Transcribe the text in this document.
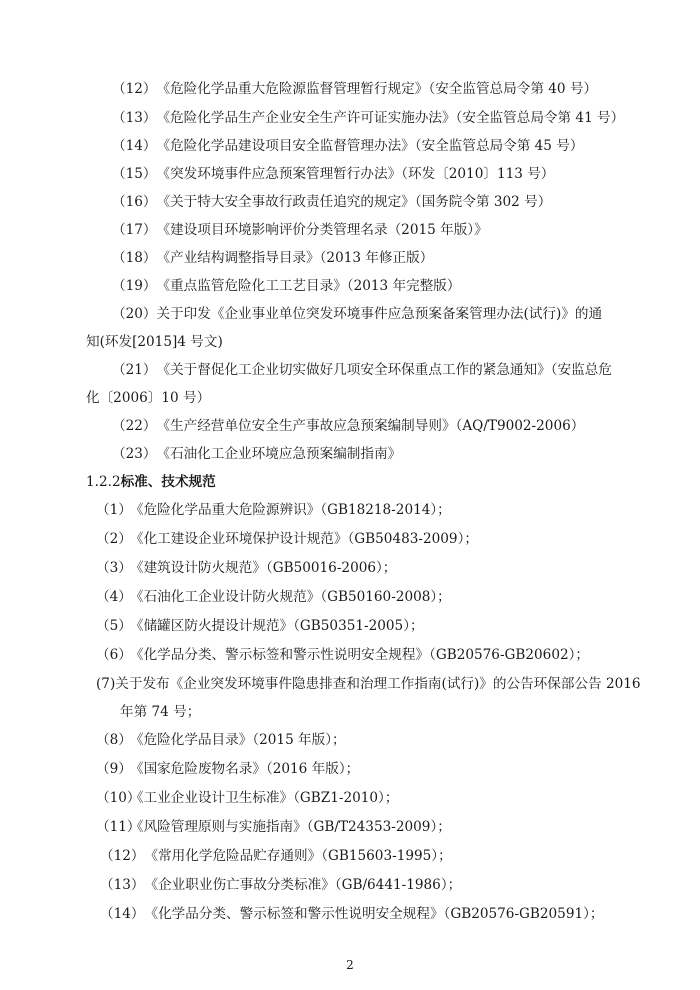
（12）《危险化学品重大危险源监督管理暂行规定》（安全监管总局令第 40 号）
（13）《危险化学品生产企业安全生产许可证实施办法》（安全监管总局令第 41 号）
（14）《危险化学品建设项目安全监督管理办法》（安全监管总局令第 45 号）
（15）《突发环境事件应急预案管理暂行办法》（环发〔2010〕113 号）
（16）《关于特大安全事故行政责任追究的规定》（国务院令第 302 号）
（17）《建设项目环境影响评价分类管理名录（2015 年版）》
（18）《产业结构调整指导目录》（2013 年修正版）
（19）《重点监管危险化工工艺目录》（2013 年完整版）
（20）关于印发《企业事业单位突发环境事件应急预案备案管理办法(试行)》的通
知(环发[2015]4 号文)
（21）《关于督促化工企业切实做好几项安全环保重点工作的紧急通知》（安监总危
化〔2006〕10 号）
（22）《生产经营单位安全生产事故应急预案编制导则》（AQ/T9002-2006）
（23）《石油化工企业环境应急预案编制指南》
1.2.2标准、技术规范
（1）《危险化学品重大危险源辨识》（GB18218-2014）；
（2）《化工建设企业环境保护设计规范》（GB50483-2009）；
（3）《建筑设计防火规范》（GB50016-2006）；
（4）《石油化工企业设计防火规范》（GB50160-2008）；
（5）《储罐区防火提设计规范》（GB50351-2005）；
（6）《化学品分类、警示标签和警示性说明安全规程》（GB20576-GB20602）；
(7)关于发布《企业突发环境事件隐患排查和治理工作指南(试行)》的公告环保部公告 2016
年第 74 号；
（8）《危险化学品目录》（2015 年版）；
（9）《国家危险废物名录》（2016 年版）；
（10）《工业企业设计卫生标准》（GBZ1-2010）；
（11）《风险管理原则与实施指南》（GB/T24353-2009）；
（12）《常用化学危险品贮存通则》（GB15603-1995）；
（13）《企业职业伤亡事故分类标准》（GB/6441-1986）；
（14）《化学品分类、警示标签和警示性说明安全规程》（GB20576-GB20591）；
2
